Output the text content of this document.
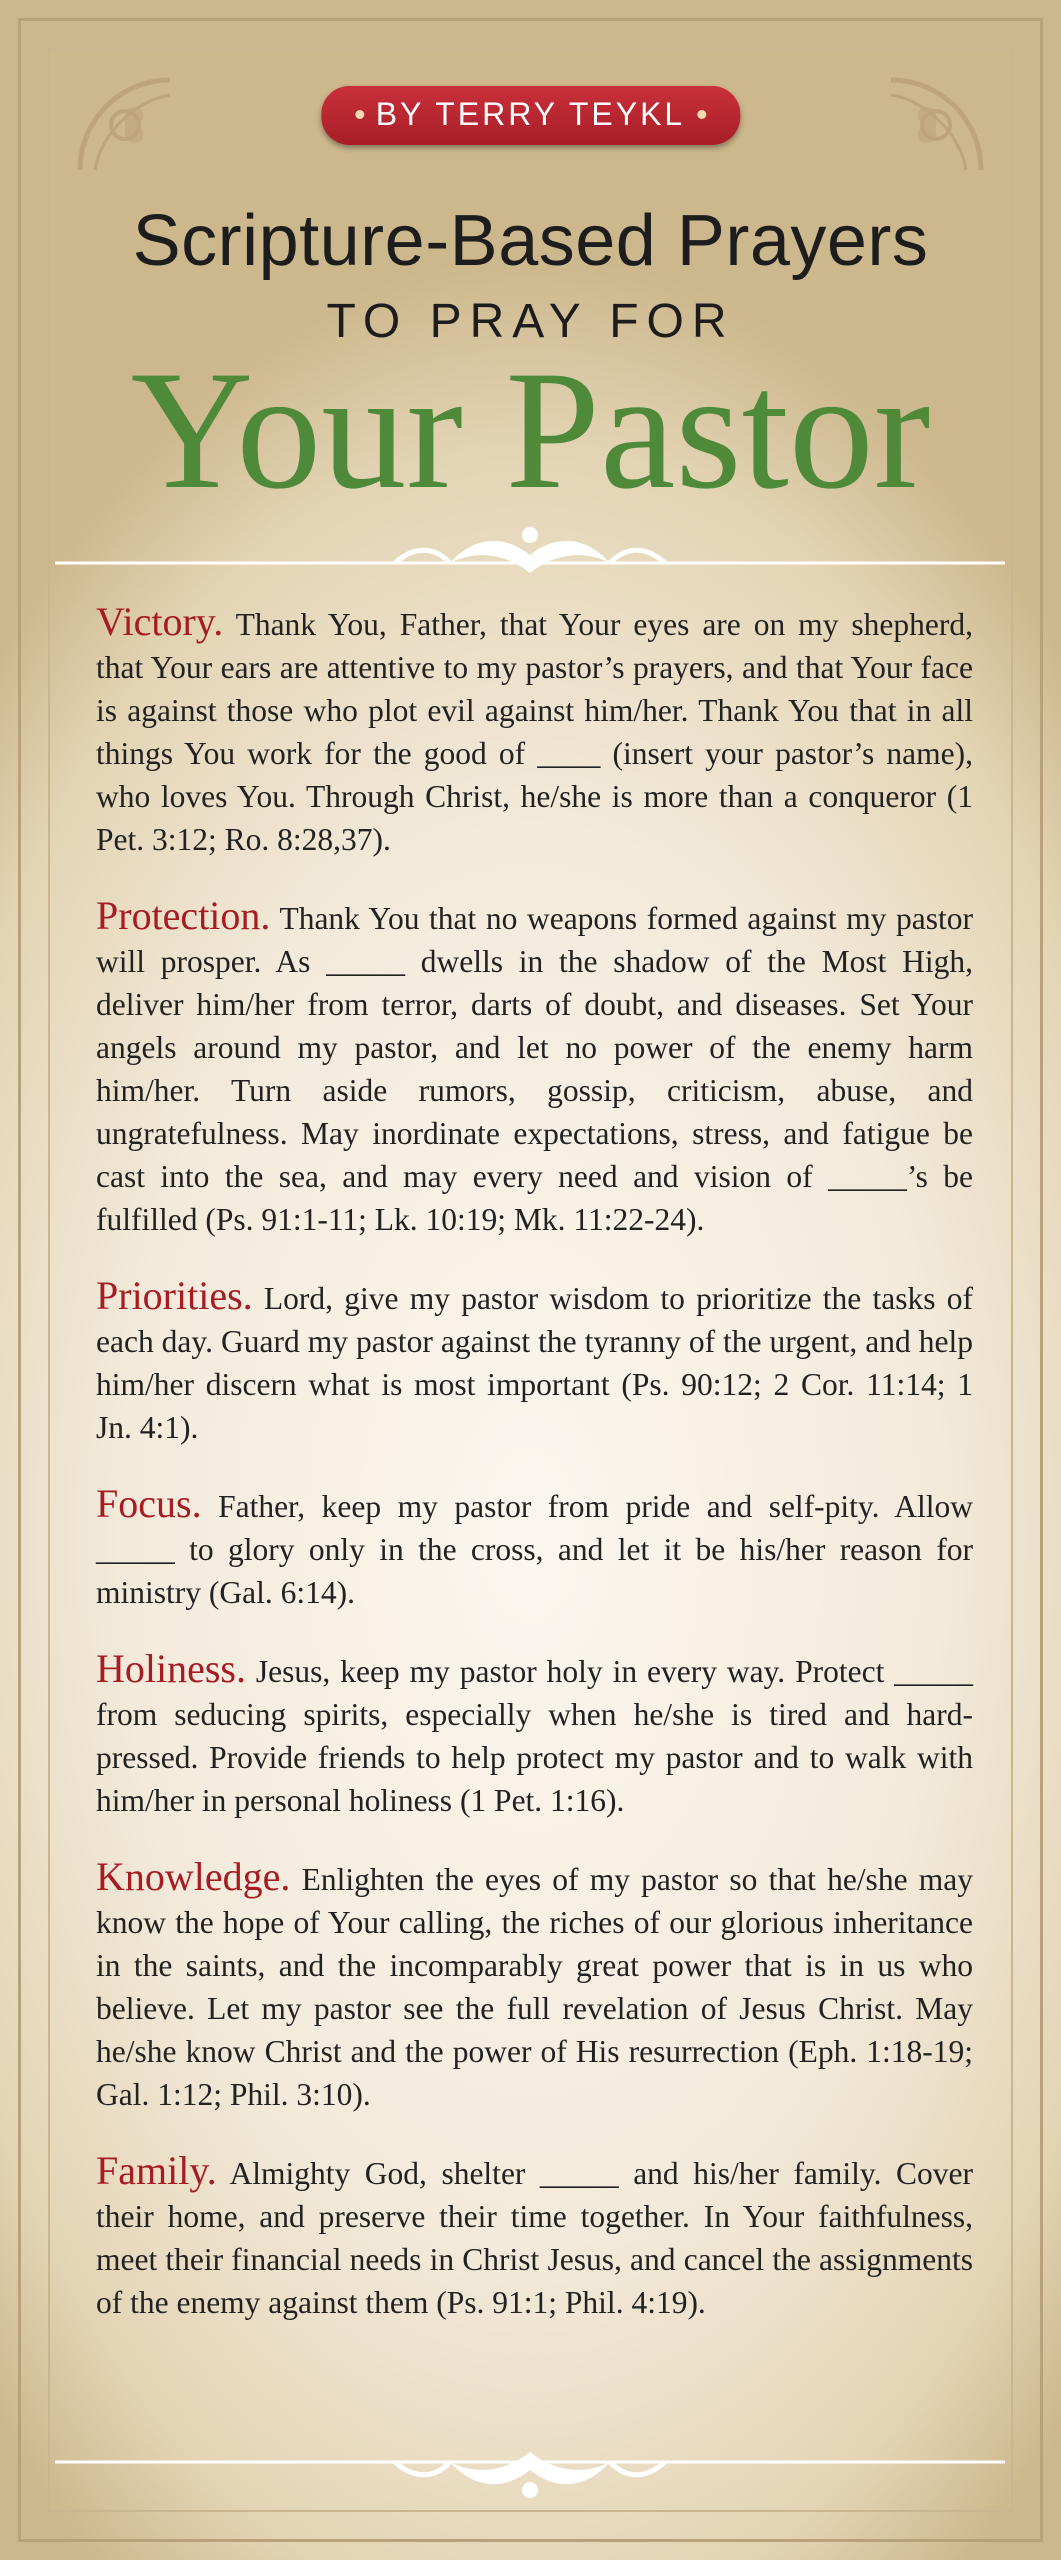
BY TERRY TEYKL
Scripture-Based Prayers
TO PRAY FOR
Your Pastor

Victory. Thank You, Father, that Your eyes are on my shepherd, that Your ears are attentive to my pastor’s prayers, and that Your face is against those who plot evil against him/her. Thank You that in all things You work for the good of ____ (insert your pastor’s name), who loves You. Through Christ, he/she is more than a conqueror (1 Pet. 3:12; Ro. 8:28,37).

Protection. Thank You that no weapons formed against my pastor will prosper. As _____ dwells in the shadow of the Most High, deliver him/her from terror, darts of doubt, and diseases. Set Your angels around my pastor, and let no power of the enemy harm him/her. Turn aside rumors, gossip, criticism, abuse, and ungratefulness. May inordinate expectations, stress, and fatigue be cast into the sea, and may every need and vision of _____’s be fulfilled (Ps. 91:1-11; Lk. 10:19; Mk. 11:22-24).

Priorities. Lord, give my pastor wisdom to prioritize the tasks of each day. Guard my pastor against the tyranny of the urgent, and help him/her discern what is most important (Ps. 90:12; 2 Cor. 11:14; 1 Jn. 4:1).

Focus. Father, keep my pastor from pride and self-pity. Allow _____ to glory only in the cross, and let it be his/her reason for ministry (Gal. 6:14).

Holiness. Jesus, keep my pastor holy in every way. Protect _____ from seducing spirits, especially when he/she is tired and hard-pressed. Provide friends to help protect my pastor and to walk with him/her in personal holiness (1 Pet. 1:16).

Knowledge. Enlighten the eyes of my pastor so that he/she may know the hope of Your calling, the riches of our glorious inheritance in the saints, and the incomparably great power that is in us who believe. Let my pastor see the full revelation of Jesus Christ. May he/she know Christ and the power of His resurrection (Eph. 1:18-19; Gal. 1:12; Phil. 3:10).

Family. Almighty God, shelter _____ and his/her family. Cover their home, and preserve their time together. In Your faithfulness, meet their financial needs in Christ Jesus, and cancel the assignments of the enemy against them (Ps. 91:1; Phil. 4:19).
